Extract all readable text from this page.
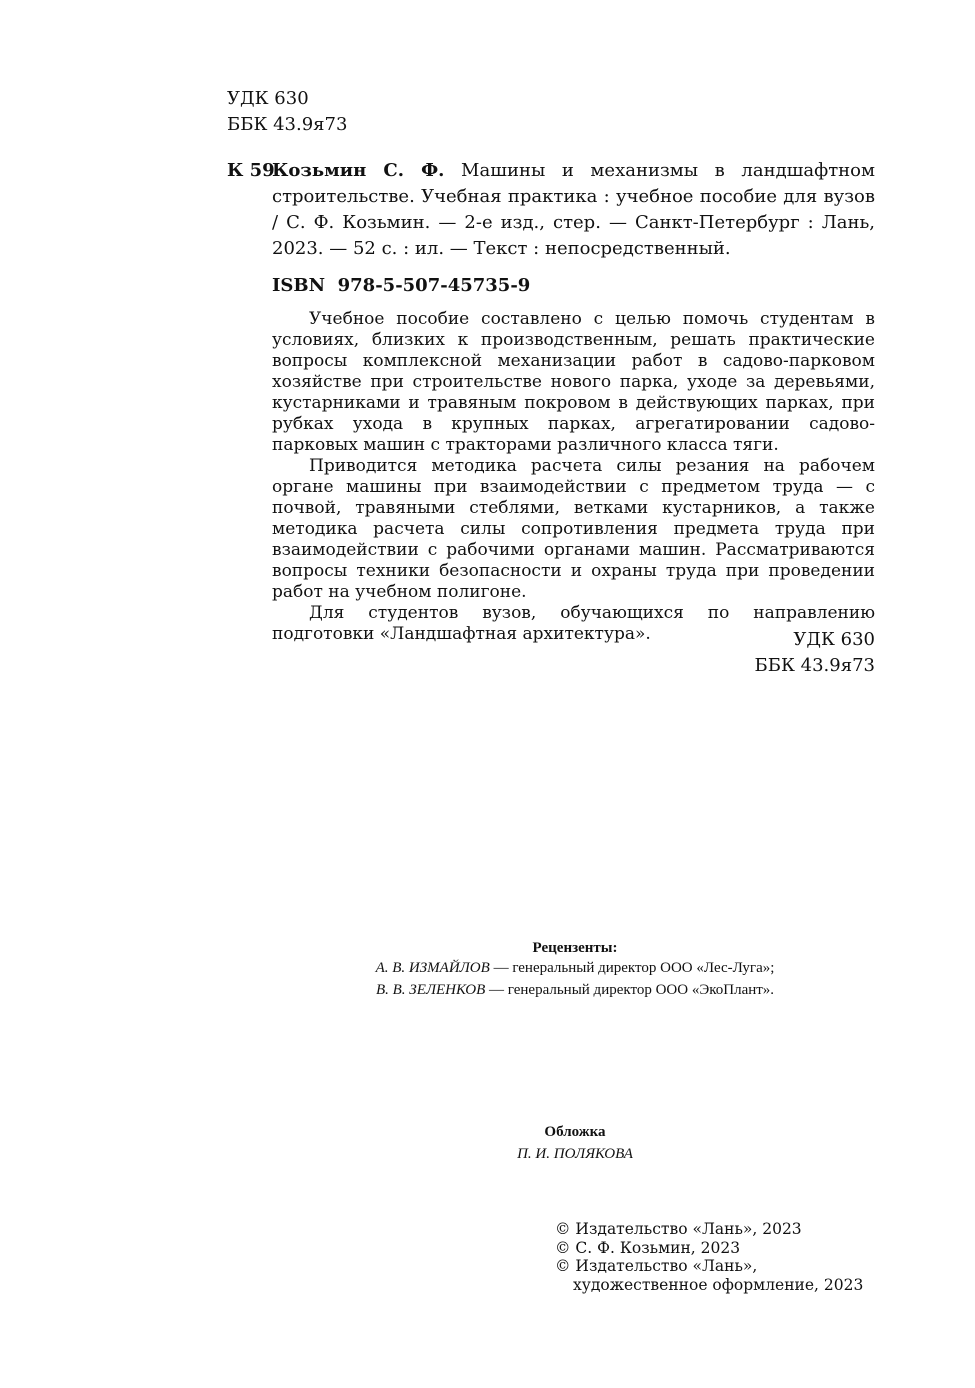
УДК 630
ББК 43.9я73
К 59
Козьмин С. Ф. Машины и механизмы в ландшафтном строительстве. Учебная практика : учебное пособие для вузов / С. Ф. Козьмин. — 2-е изд., стер. — Санкт-Петербург : Лань, 2023. — 52 с. : ил. — Текст : непосредственный.
ISBN  978-5-507-45735-9

Учебное пособие составлено с целью помочь студентам в условиях, близких к производственным, решать практические вопросы комплексной механизации работ в садово-парковом хозяйстве при строительстве нового парка, уходе за деревьями, кустарниками и травяным покровом в действующих парках, при рубках ухода в крупных парках, агрегатировании садово-парковых машин с тракторами различного класса тяги.

Приводится методика расчета силы резания на рабочем органе машины при взаимодействии с предметом труда — с почвой, травяными стеблями, ветками кустарников, а также методика расчета силы сопротивления предмета труда при взаимодействии с рабочими органами машин. Рассматриваются вопросы техники безопасности и охраны труда при проведении работ на учебном полигоне.

Для студентов вузов, обучающихся по направлению подготовки «Ландшафтная архитектура».	УДК 630
ББК 43.9я73
Рецензенты:
А. В. ИЗМАЙЛОВ — генеральный директор ООО «Лес-Луга»;
В. В. ЗЕЛЕНКОВ — генеральный директор ООО «ЭкоПлант».
Обложка
П. И. ПОЛЯКОВА
© Издательство «Лань», 2023
© С. Ф. Козьмин, 2023
© Издательство «Лань»,
художественное оформление, 2023
